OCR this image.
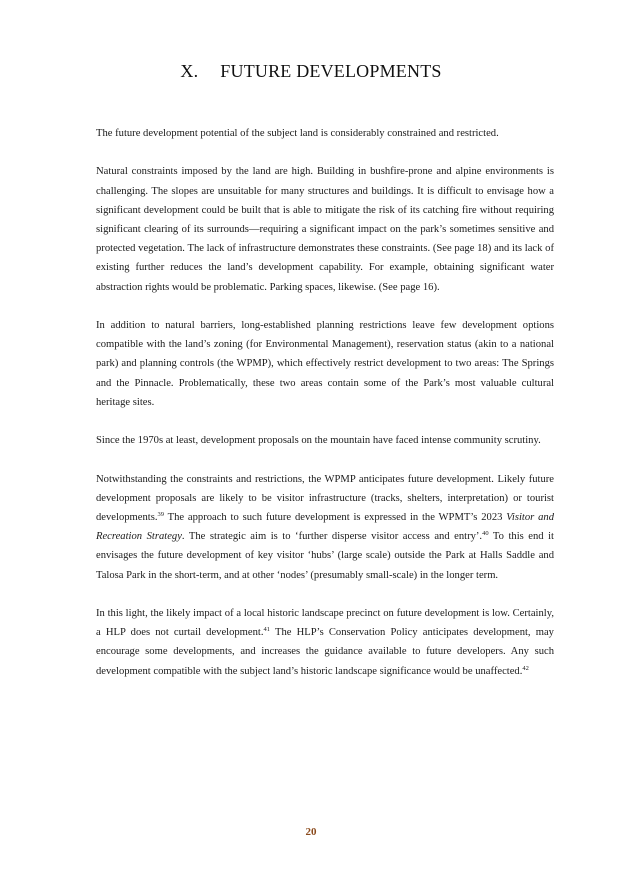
X. FUTURE DEVELOPMENTS

The future development potential of the subject land is considerably constrained and restricted.

Natural constraints imposed by the land are high. Building in bushfire-prone and alpine environments is challenging. The slopes are unsuitable for many structures and buildings. It is difficult to envisage how a significant development could be built that is able to mitigate the risk of its catching fire without requiring significant clearing of its surrounds—requiring a significant impact on the park’s sometimes sensitive and protected vegetation. The lack of infrastructure demonstrates these constraints. (See page 18) and its lack of existing further reduces the land’s development capability. For example, obtaining significant water abstraction rights would be problematic. Parking spaces, likewise. (See page 16).

In addition to natural barriers, long-established planning restrictions leave few development options compatible with the land’s zoning (for Environmental Management), reservation status (akin to a national park) and planning controls (the WPMP), which effectively restrict development to two areas: The Springs and the Pinnacle. Problematically, these two areas contain some of the Park’s most valuable cultural heritage sites.

Since the 1970s at least, development proposals on the mountain have faced intense community scrutiny.

Notwithstanding the constraints and restrictions, the WPMP anticipates future development. Likely future development proposals are likely to be visitor infrastructure (tracks, shelters, interpretation) or tourist developments.$^{39}$ The approach to such future development is expressed in the WPMT’s 2023 Visitor and Recreation Strategy. The strategic aim is to ‘further disperse visitor access and entry’.$^{40}$ To this end it envisages the future development of key visitor ‘hubs’ (large scale) outside the Park at Halls Saddle and Talosa Park in the short-term, and at other ‘nodes’ (presumably small-scale) in the longer term.

In this light, the likely impact of a local historic landscape precinct on future development is low. Certainly, a HLP does not curtail development.$^{41}$ The HLP’s Conservation Policy anticipates development, may encourage some developments, and increases the guidance available to future developers. Any such development compatible with the subject land’s historic landscape significance would be unaffected.$^{42}$

20
